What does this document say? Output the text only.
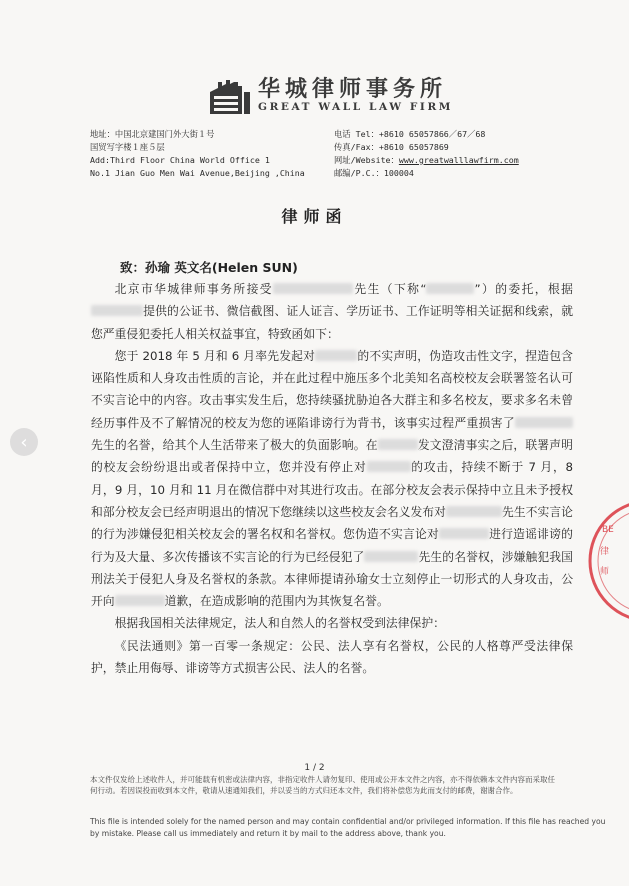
华城律师事务所
GREAT WALL LAW FIRM
地址：中国北京建国门外大街１号
国贸写字楼１座５层
Add:Third Floor China World Office 1
No.1 Jian Guo Men Wai Avenue,Beijing ,China
电话 Tel：+8610 65057866／67／68
传真/Fax：+8610 65057869
网址/Website：www.greatwalllawfirm.com
邮编/P.C.：100004
律师函
致：孙瑜 英文名(Helen SUN)

北京市华城律师事务所接受	先生（下称“	”）的委托，根据提供的公证书、微信截图、证人证言、学历证书、工作证明等相关证据和线索，就您严重侵犯委托人相关权益事宜，特致函如下：

您于 2018 年 5 月和 6 月率先发起对	的不实声明，伪造攻击性文字，捏造包含诬陷性质和人身攻击性质的言论，并在此过程中施压多个北美知名高校校友会联署签名认可不实言论中的内容。攻击事实发生后，您持续骚扰胁迫各大群主和多名校友，要求多名未曾经历事件及不了解情况的校友为您的诬陷诽谤行为背书，该事实过程严重损害了先生的名誉，给其个人生活带来了极大的负面影响。在	发文澄清事实之后，联署声明的校友会纷纷退出或者保持中立，您并没有停止对	的攻击，持续不断于 7 月，8 月，9 月，10 月和 11 月在微信群中对其进行攻击。在部分校友会表示保持中立且未予授权和部分校友会已经声明退出的情况下您继续以这些校友会名义发布对	先生不实言论的行为涉嫌侵犯相关校友会的署名权和名誉权。您伪造不实言论对	进行造谣诽谤的行为及大量、多次传播该不实言论的行为已经侵犯了	先生的名誉权，涉嫌触犯我国刑法关于侵犯人身及名誉权的条款。本律师提请孙瑜女士立刻停止一切形式的人身攻击，公开向	道歉，在造成影响的范围内为其恢复名誉。

根据我国相关法律规定，法人和自然人的名誉权受到法律保护：

《民法通则》第一百零一条规定：公民、法人享有名誉权，公民的人格尊严受法律保护，禁止用侮辱、诽谤等方式损害公民、法人的名誉。

BE
律
师
1 / 2
本文件仅发给上述收件人，并可能载有机密或法律内容，非指定收件人请勿复印、使用或公开本文件之内容，亦不得依赖本文件内容而采取任何行动。若因误投而收到本文件，敬请从速通知我们，并以妥当的方式归还本文件，我们将补偿您为此而支付的邮费，谢谢合作。
This file is intended solely for the named person and may contain confidential and/or privileged information. If this file has reached you by mistake. Please call us immediately and return it by mail to the address above, thank you.
‹
